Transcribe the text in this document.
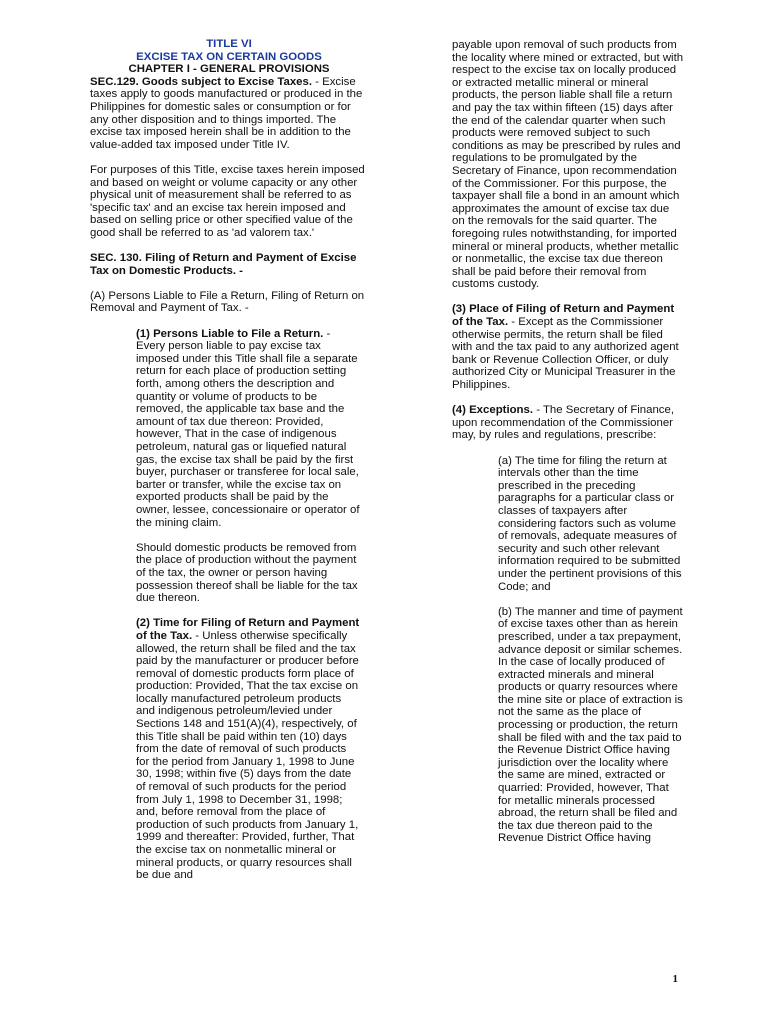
TITLE VI
EXCISE TAX ON CERTAIN GOODS
CHAPTER I - GENERAL PROVISIONS

SEC.129. Goods subject to Excise Taxes. - Excise taxes apply to goods manufactured or produced in the Philippines for domestic sales or consumption or for any other disposition and to things imported. The excise tax imposed herein shall be in addition to the value-added tax imposed under Title IV.

For purposes of this Title, excise taxes herein imposed and based on weight or volume capacity or any other physical unit of measurement shall be referred to as 'specific tax' and an excise tax herein imposed and based on selling price or other specified value of the good shall be referred to as 'ad valorem tax.'

SEC. 130. Filing of Return and Payment of Excise Tax on Domestic Products. -

(A) Persons Liable to File a Return, Filing of Return on Removal and Payment of Tax. -

(1) Persons Liable to File a Return. - Every person liable to pay excise tax imposed under this Title shall file a separate return for each place of production setting forth, among others the description and quantity or volume of products to be removed, the applicable tax base and the amount of tax due thereon: Provided, however, That in the case of indigenous petroleum, natural gas or liquefied natural gas, the excise tax shall be paid by the first buyer, purchaser or transferee for local sale, barter or transfer, while the excise tax on exported products shall be paid by the owner, lessee, concessionaire or operator of the mining claim.

Should domestic products be removed from the place of production without the payment of the tax, the owner or person having possession thereof shall be liable for the tax due thereon.

(2) Time for Filing of Return and Payment of the Tax. - Unless otherwise specifically allowed, the return shall be filed and the tax paid by the manufacturer or producer before removal of domestic products form place of production: Provided, That the tax excise on locally manufactured petroleum products and indigenous petroleum/levied under Sections 148 and 151(A)(4), respectively, of this Title shall be paid within ten (10) days from the date of removal of such products for the period from January 1, 1998 to June 30, 1998; within five (5) days from the date of removal of such products for the period from July 1, 1998 to December 31, 1998; and, before removal from the place of production of such products from January 1, 1999 and thereafter: Provided, further, That the excise tax on nonmetallic mineral or mineral products, or quarry resources shall be due and

payable upon removal of such products from the locality where mined or extracted, but with respect to the excise tax on locally produced or extracted metallic mineral or mineral products, the person liable shall file a return and pay the tax within fifteen (15) days after the end of the calendar quarter when such products were removed subject to such conditions as may be prescribed by rules and regulations to be promulgated by the Secretary of Finance, upon recommendation of the Commissioner. For this purpose, the taxpayer shall file a bond in an amount which approximates the amount of excise tax due on the removals for the said quarter. The foregoing rules notwithstanding, for imported mineral or mineral products, whether metallic or nonmetallic, the excise tax due thereon shall be paid before their removal from customs custody.

(3) Place of Filing of Return and Payment of the Tax. - Except as the Commissioner otherwise permits, the return shall be filed with and the tax paid to any authorized agent bank or Revenue Collection Officer, or duly authorized City or Municipal Treasurer in the Philippines.

(4) Exceptions. - The Secretary of Finance, upon recommendation of the Commissioner may, by rules and regulations, prescribe:

(a) The time for filing the return at intervals other than the time prescribed in the preceding paragraphs for a particular class or classes of taxpayers after considering factors such as volume of removals, adequate measures of security and such other relevant information required to be submitted under the pertinent provisions of this Code; and

(b) The manner and time of payment of excise taxes other than as herein prescribed, under a tax prepayment, advance deposit or similar schemes. In the case of locally produced of extracted minerals and mineral products or quarry resources where the mine site or place of extraction is not the same as the place of processing or production, the return shall be filed with and the tax paid to the Revenue District Office having jurisdiction over the locality where the same are mined, extracted or quarried: Provided, however, That for metallic minerals processed abroad, the return shall be filed and the tax due thereon paid to the Revenue District Office having

1
